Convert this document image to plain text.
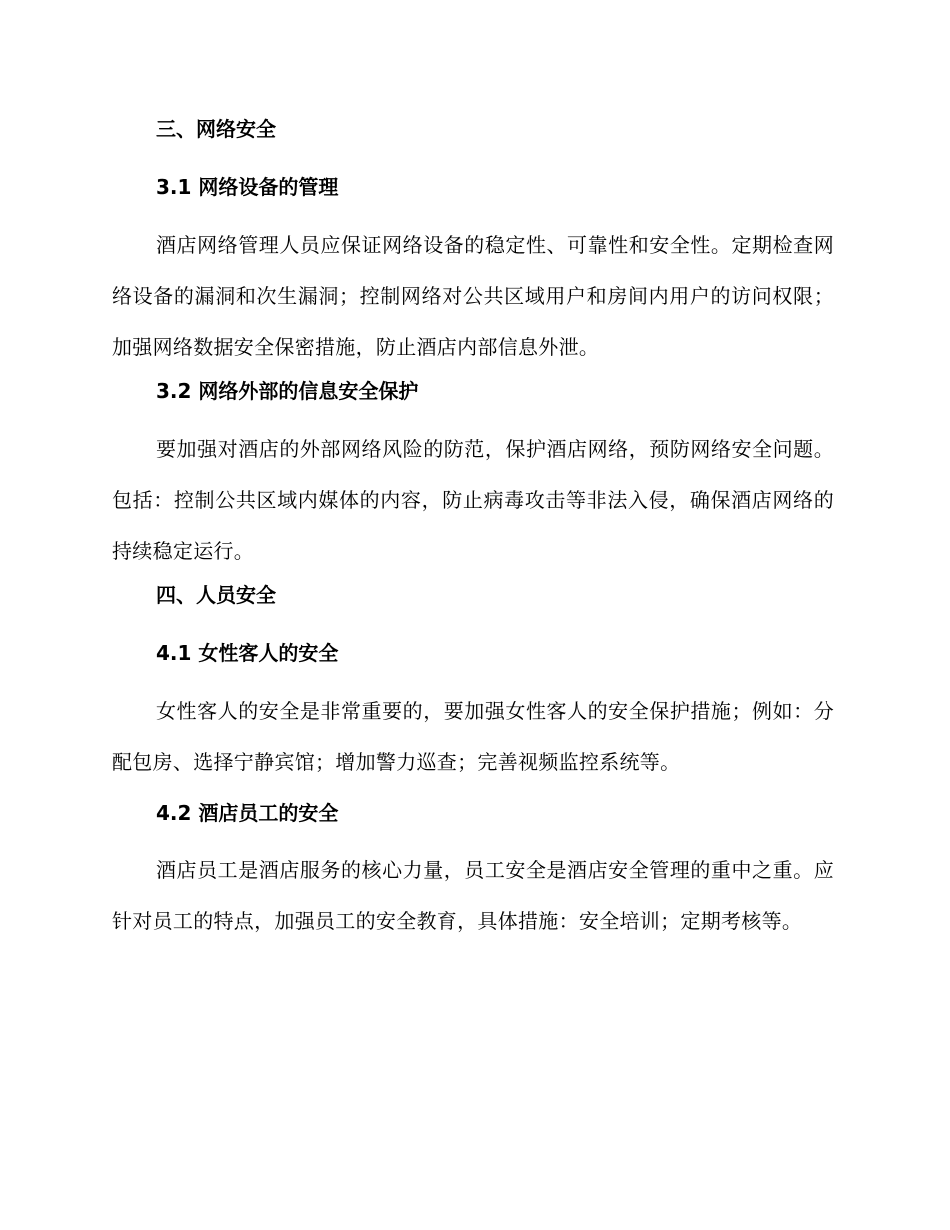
三、网络安全
3.1 网络设备的管理
酒店网络管理人员应保证网络设备的稳定性、可靠性和安全性。定期检查网络设备的漏洞和次生漏洞；控制网络对公共区域用户和房间内用户的访问权限；加强网络数据安全保密措施，防止酒店内部信息外泄。
3.2 网络外部的信息安全保护
要加强对酒店的外部网络风险的防范，保护酒店网络，预防网络安全问题。包括：控制公共区域内媒体的内容，防止病毒攻击等非法入侵，确保酒店网络的持续稳定运行。
四、人员安全
4.1 女性客人的安全
女性客人的安全是非常重要的，要加强女性客人的安全保护措施；例如：分配包房、选择宁静宾馆；增加警力巡查；完善视频监控系统等。
4.2 酒店员工的安全
酒店员工是酒店服务的核心力量，员工安全是酒店安全管理的重中之重。应针对员工的特点，加强员工的安全教育，具体措施：安全培训；定期考核等。
